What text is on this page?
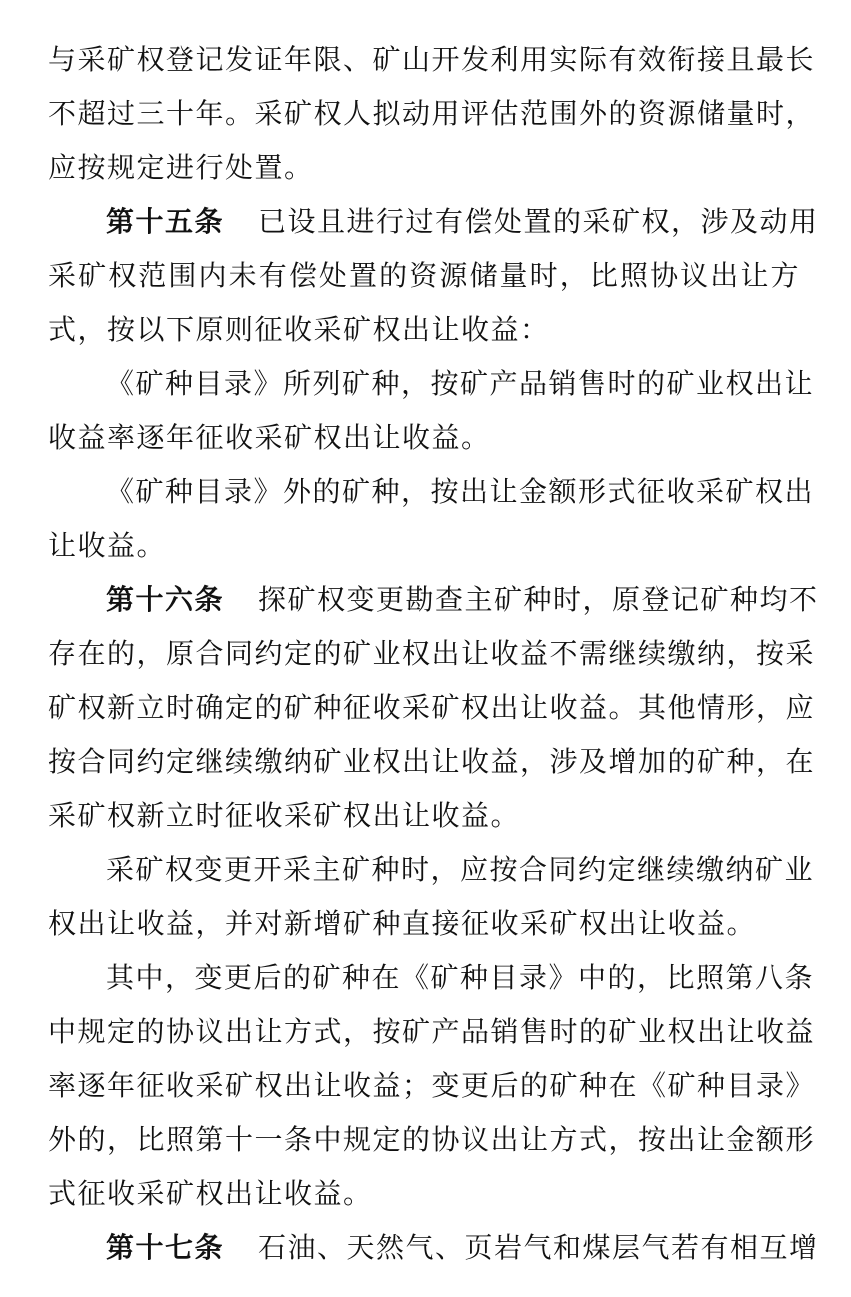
与采矿权登记发证年限、矿山开发利用实际有效衔接且最长
不超过三十年。采矿权人拟动用评估范围外的资源储量时，
应按规定进行处置。
第十五条 已设且进行过有偿处置的采矿权，涉及动用
采矿权范围内未有偿处置的资源储量时，比照协议出让方
式，按以下原则征收采矿权出让收益：
《矿种目录》所列矿种，按矿产品销售时的矿业权出让
收益率逐年征收采矿权出让收益。
《矿种目录》外的矿种，按出让金额形式征收采矿权出
让收益。
第十六条 探矿权变更勘查主矿种时，原登记矿种均不
存在的，原合同约定的矿业权出让收益不需继续缴纳，按采
矿权新立时确定的矿种征收采矿权出让收益。其他情形，应
按合同约定继续缴纳矿业权出让收益，涉及增加的矿种，在
采矿权新立时征收采矿权出让收益。
采矿权变更开采主矿种时，应按合同约定继续缴纳矿业
权出让收益，并对新增矿种直接征收采矿权出让收益。
其中，变更后的矿种在《矿种目录》中的，比照第八条
中规定的协议出让方式，按矿产品销售时的矿业权出让收益
率逐年征收采矿权出让收益；变更后的矿种在《矿种目录》
外的，比照第十一条中规定的协议出让方式，按出让金额形
式征收采矿权出让收益。
第十七条 石油、天然气、页岩气和煤层气若有相互增
